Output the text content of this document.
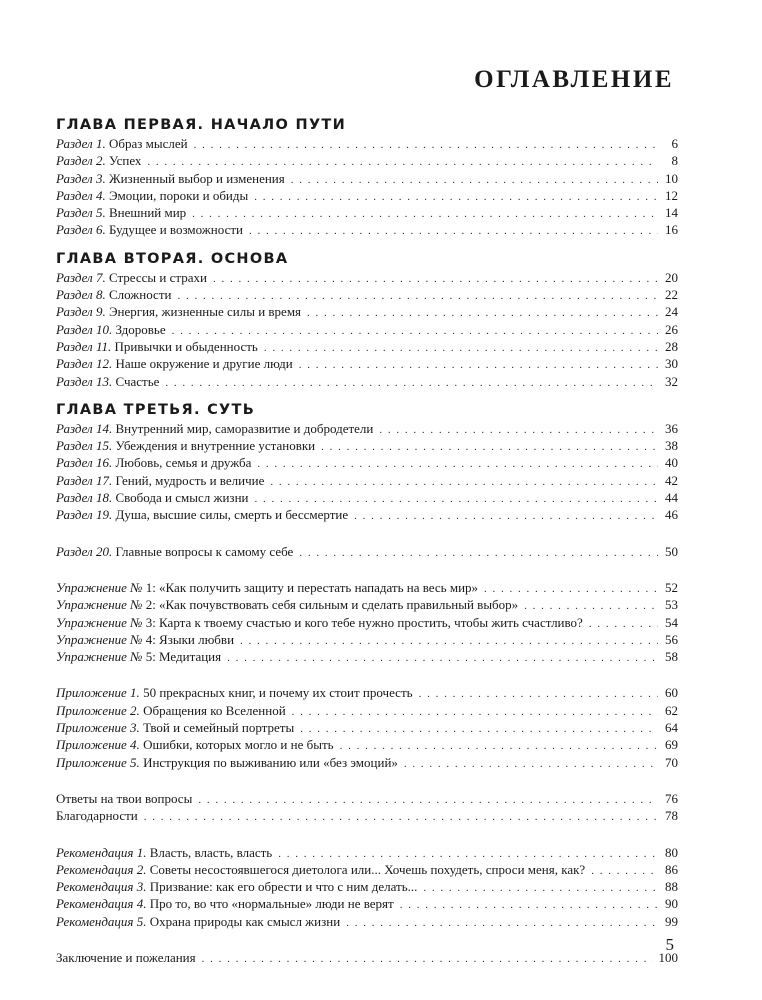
ОГЛАВЛЕНИЕ
ГЛАВА ПЕРВАЯ. НАЧАЛО ПУТИ
Раздел 1. Образ мыслей . . .	6
Раздел 2. Успех . . .	8
Раздел 3. Жизненный выбор и изменения . . .	10
Раздел 4. Эмоции, пороки и обиды . . .	12
Раздел 5. Внешний мир . . .	14
Раздел 6. Будущее и возможности . . .	16
ГЛАВА ВТОРАЯ. ОСНОВА
Раздел 7. Стрессы и страхи . . .	20
Раздел 8. Сложности . . .	22
Раздел 9. Энергия, жизненные силы и время . . .	24
Раздел 10. Здоровье . . .	26
Раздел 11. Привычки и обыденность . . .	28
Раздел 12. Наше окружение и другие люди . . .	30
Раздел 13. Счастье . . .	32
ГЛАВА ТРЕТЬЯ. СУТЬ
Раздел 14. Внутренний мир, саморазвитие и добродетели . . .	36
Раздел 15. Убеждения и внутренние установки . . .	38
Раздел 16. Любовь, семья и дружба . . .	40
Раздел 17. Гений, мудрость и величие . . .	42
Раздел 18. Свобода и смысл жизни . . .	44
Раздел 19. Душа, высшие силы, смерть и бессмертие . . .	46
Раздел 20. Главные вопросы к самому себе . . .	50
Упражнение № 1: «Как получить защиту и перестать нападать на весь мир» . . .	52
Упражнение № 2: «Как почувствовать себя сильным и сделать правильный выбор» . . .	53
Упражнение № 3: Карта к твоему счастью и кого тебе нужно простить, чтобы жить счастливо? . . .	54
Упражнение № 4: Языки любви . . .	56
Упражнение № 5: Медитация . . .	58
Приложение 1. 50 прекрасных книг, и почему их стоит прочесть . . .	60
Приложение 2. Обращения ко Вселенной . . .	62
Приложение 3. Твой и семейный портреты . . .	64
Приложение 4. Ошибки, которых могло и не быть . . .	69
Приложение 5. Инструкция по выживанию или «без эмоций» . . .	70
Ответы на твои вопросы . . .	76
Благодарности . . .	78
Рекомендация 1. Власть, власть, власть . . .	80
Рекомендация 2. Советы несостоявшегося диетолога или... Хочешь похудеть, спроси меня, как? . . .	86
Рекомендация 3. Призвание: как его обрести и что с ним делать... . . .	88
Рекомендация 4. Про то, во что «нормальные» люди не верят . . .	90
Рекомендация 5. Охрана природы как смысл жизни . . .	99
Заключение и пожелания . . .	100
5
